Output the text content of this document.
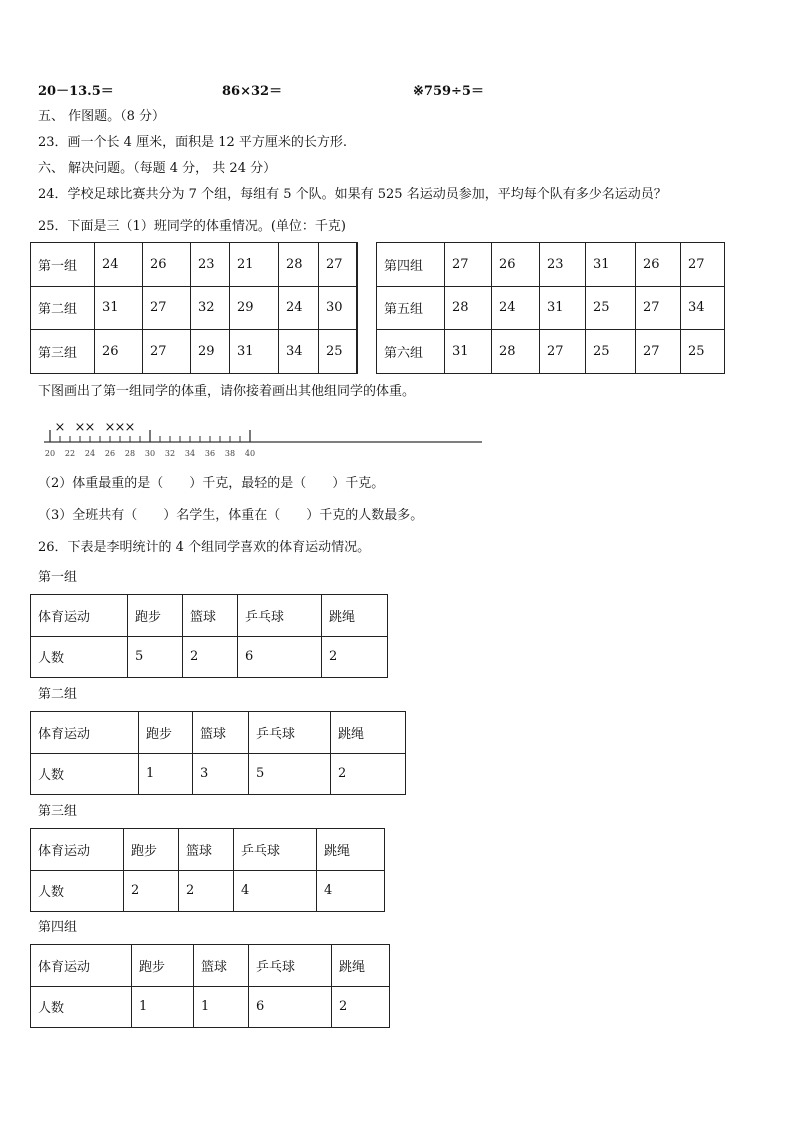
20－13.5＝	86×32＝	※759÷5＝
五、 作图题。（8 分）
23．画一个长 4 厘米，面积是 12 平方厘米的长方形.
六、 解决问题。（每题 4 分， 共 24 分）
24．学校足球比赛共分为 7 个组，每组有 5 个队。如果有 525 名运动员参加，平均每个队有多少名运动员？
25．下面是三（1）班同学的体重情况。(单位：千克)
第一组	24	26	23	21	28	27
第二组	31	27	32	29	24	30
第三组	26	27	29	31	34	25
第四组	27	26	23	31	26	27
第五组	28	24	31	25	27	34
第六组	31	28	27	25	27	25
下图画出了第一组同学的体重，请你接着画出其他组同学的体重。
20 22 24 26 28 30 32 34 36 38 40
× × × × × ×
（2）体重最重的是（　　）千克，最轻的是（　　）千克。
（3）全班共有（　　）名学生，体重在（　　）千克的人数最多。
26．下表是李明统计的 4 个组同学喜欢的体育运动情况。
第一组
体育运动	跑步	篮球	乒乓球	跳绳
人数	5	2	6	2
第二组
体育运动	跑步	篮球	乒乓球	跳绳
人数	1	3	5	2
第三组
体育运动	跑步	篮球	乒乓球	跳绳
人数	2	2	4	4
第四组
体育运动	跑步	篮球	乒乓球	跳绳
人数	1	1	6	2
